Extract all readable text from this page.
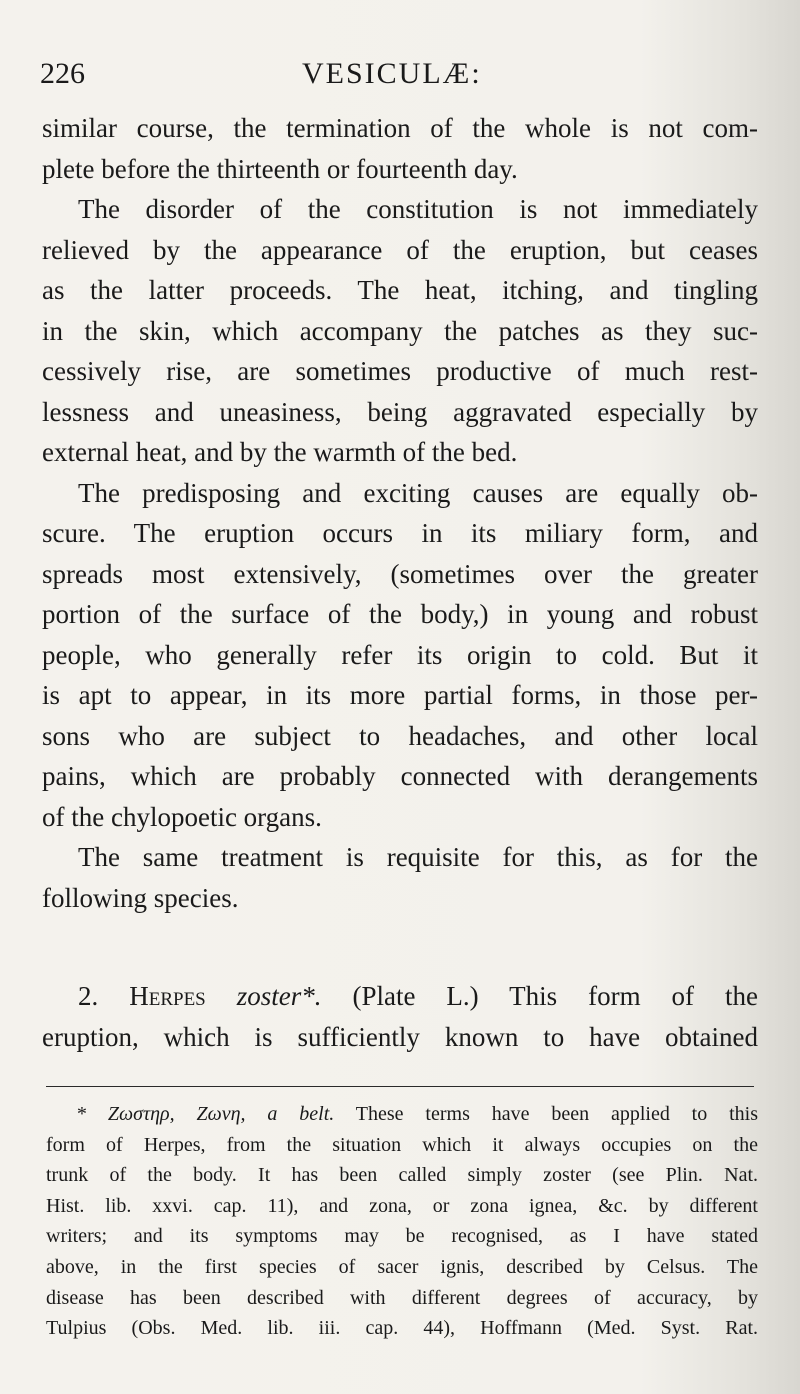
226	VESICULÆ:
similar course, the termination of the whole is not com-
plete before the thirteenth or fourteenth day.
The disorder of the constitution is not immediately
relieved by the appearance of the eruption, but ceases
as the latter proceeds. The heat, itching, and tingling
in the skin, which accompany the patches as they suc-
cessively rise, are sometimes productive of much rest-
lessness and uneasiness, being aggravated especially by
external heat, and by the warmth of the bed.
The predisposing and exciting causes are equally ob-
scure. The eruption occurs in its miliary form, and
spreads most extensively, (sometimes over the greater
portion of the surface of the body,) in young and robust
people, who generally refer its origin to cold. But it
is apt to appear, in its more partial forms, in those per-
sons who are subject to headaches, and other local
pains, which are probably connected with derangements
of the chylopoetic organs.
The same treatment is requisite for this, as for the
following species.
2. Herpes zoster*. (Plate L.) This form of the
eruption, which is sufficiently known to have obtained
* Ζωστηρ, Ζωνη, a belt. These terms have been applied to this
form of Herpes, from the situation which it always occupies on the
trunk of the body. It has been called simply zoster (see Plin. Nat.
Hist. lib. xxvi. cap. 11), and zona, or zona ignea, &c. by different
writers; and its symptoms may be recognised, as I have stated
above, in the first species of sacer ignis, described by Celsus. The
disease has been described with different degrees of accuracy, by
Tulpius (Obs. Med. lib. iii. cap. 44), Hoffmann (Med. Syst. Rat.
